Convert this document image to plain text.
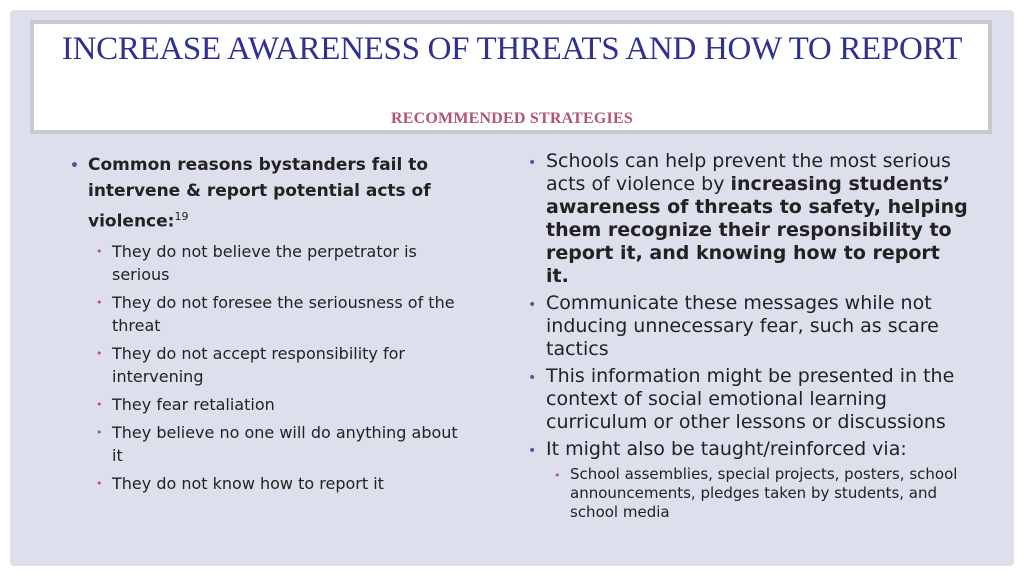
INCREASE AWARENESS OF THREATS AND HOW TO REPORT
RECOMMENDED STRATEGIES
• Common reasons bystanders fail to intervene & report potential acts of violence:$^{19}$
• They do not believe the perpetrator is serious
• They do not foresee the seriousness of the threat
• They do not accept responsibility for intervening
• They fear retaliation
• They believe no one will do anything about it
• They do not know how to report it
• Schools can help prevent the most serious acts of violence by increasing students’ awareness of threats to safety, helping them recognize their responsibility to report it, and knowing how to report it.
• Communicate these messages while not inducing unnecessary fear, such as scare tactics
• This information might be presented in the context of social emotional learning curriculum or other lessons or discussions
• It might also be taught/reinforced via:
• School assemblies, special projects, posters, school announcements, pledges taken by students, and school media
